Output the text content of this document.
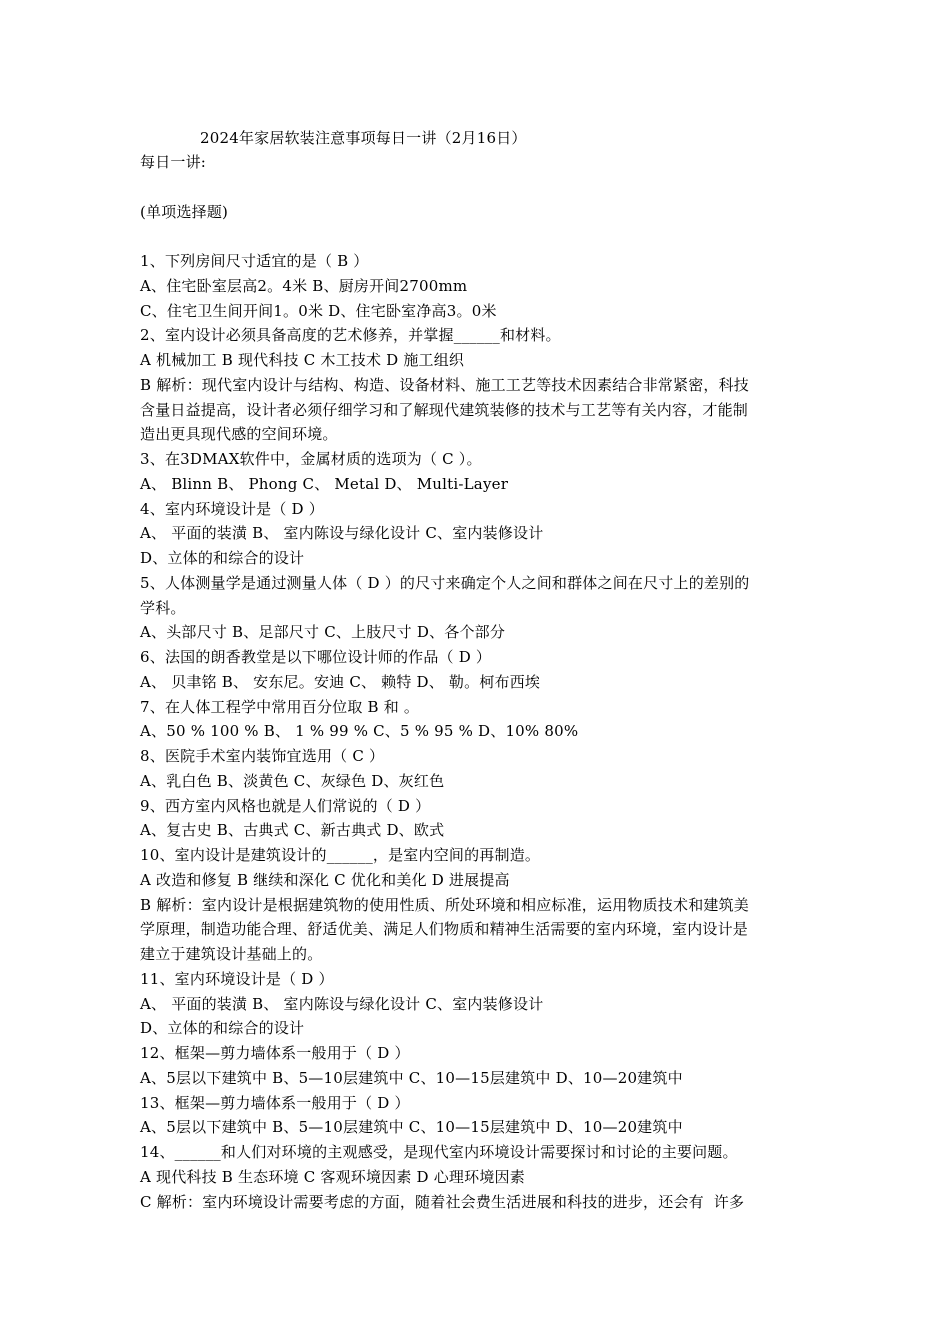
2024年家居软装注意事项每日一讲（2月16日）
每日一讲:
(单项选择题)
1、下列房间尺寸适宜的是（ B ）
A、住宅卧室层高2。4米 B、厨房开间2700mm
C、住宅卫生间开间1。0米 D、住宅卧室净高3。0米
2、室内设计必须具备高度的艺术修养，并掌握______和材料。
A 机械加工 B 现代科技 C 木工技术 D 施工组织
B 解析：现代室内设计与结构、构造、设备材料、施工工艺等技术因素结合非常紧密，科技
含量日益提高，设计者必须仔细学习和了解现代建筑装修的技术与工艺等有关内容，才能制
造出更具现代感的空间环境。
3、在3DMAX软件中，金属材质的选项为（ C ）。
A、 Blinn B、 Phong C、 Metal D、 Multi-Layer
4、室内环境设计是（ D ）
A、 平面的装潢 B、 室内陈设与绿化设计 C、室内装修设计
D、立体的和综合的设计
5、人体测量学是通过测量人体（ D ）的尺寸来确定个人之间和群体之间在尺寸上的差别的
学科。
A、头部尺寸 B、足部尺寸 C、上肢尺寸 D、各个部分
6、法国的朗香教堂是以下哪位设计师的作品（ D ）
A、 贝聿铭 B、 安东尼。安迪 C、 赖特 D、 勒。柯布西埃
7、在人体工程学中常用百分位取 B 和 。
A、50 % 100 % B、 1 % 99 % C、5 % 95 % D、10% 80%
8、医院手术室内装饰宜选用（ C ）
A、乳白色 B、淡黄色 C、灰绿色 D、灰红色
9、西方室内风格也就是人们常说的（ D ）
A、复古史 B、古典式 C、新古典式 D、欧式
10、室内设计是建筑设计的______，是室内空间的再制造。
A 改造和修复 B 继续和深化 C 优化和美化 D 进展提高
B 解析：室内设计是根据建筑物的使用性质、所处环境和相应标准，运用物质技术和建筑美
学原理，制造功能合理、舒适优美、满足人们物质和精神生活需要的室内环境，室内设计是
建立于建筑设计基础上的。
11、室内环境设计是（ D ）
A、 平面的装潢 B、 室内陈设与绿化设计 C、室内装修设计
D、立体的和综合的设计
12、框架—剪力墙体系一般用于（ D ）
A、5层以下建筑中 B、5—10层建筑中 C、10—15层建筑中 D、10—20建筑中
13、框架—剪力墙体系一般用于（ D ）
A、5层以下建筑中 B、5—10层建筑中 C、10—15层建筑中 D、10—20建筑中
14、______和人们对环境的主观感受，是现代室内环境设计需要探讨和讨论的主要问题。
A 现代科技 B 生态环境 C 客观环境因素 D 心理环境因素
C 解析：室内环境设计需要考虑的方面，随着社会费生活进展和科技的进步，还会有  许多
